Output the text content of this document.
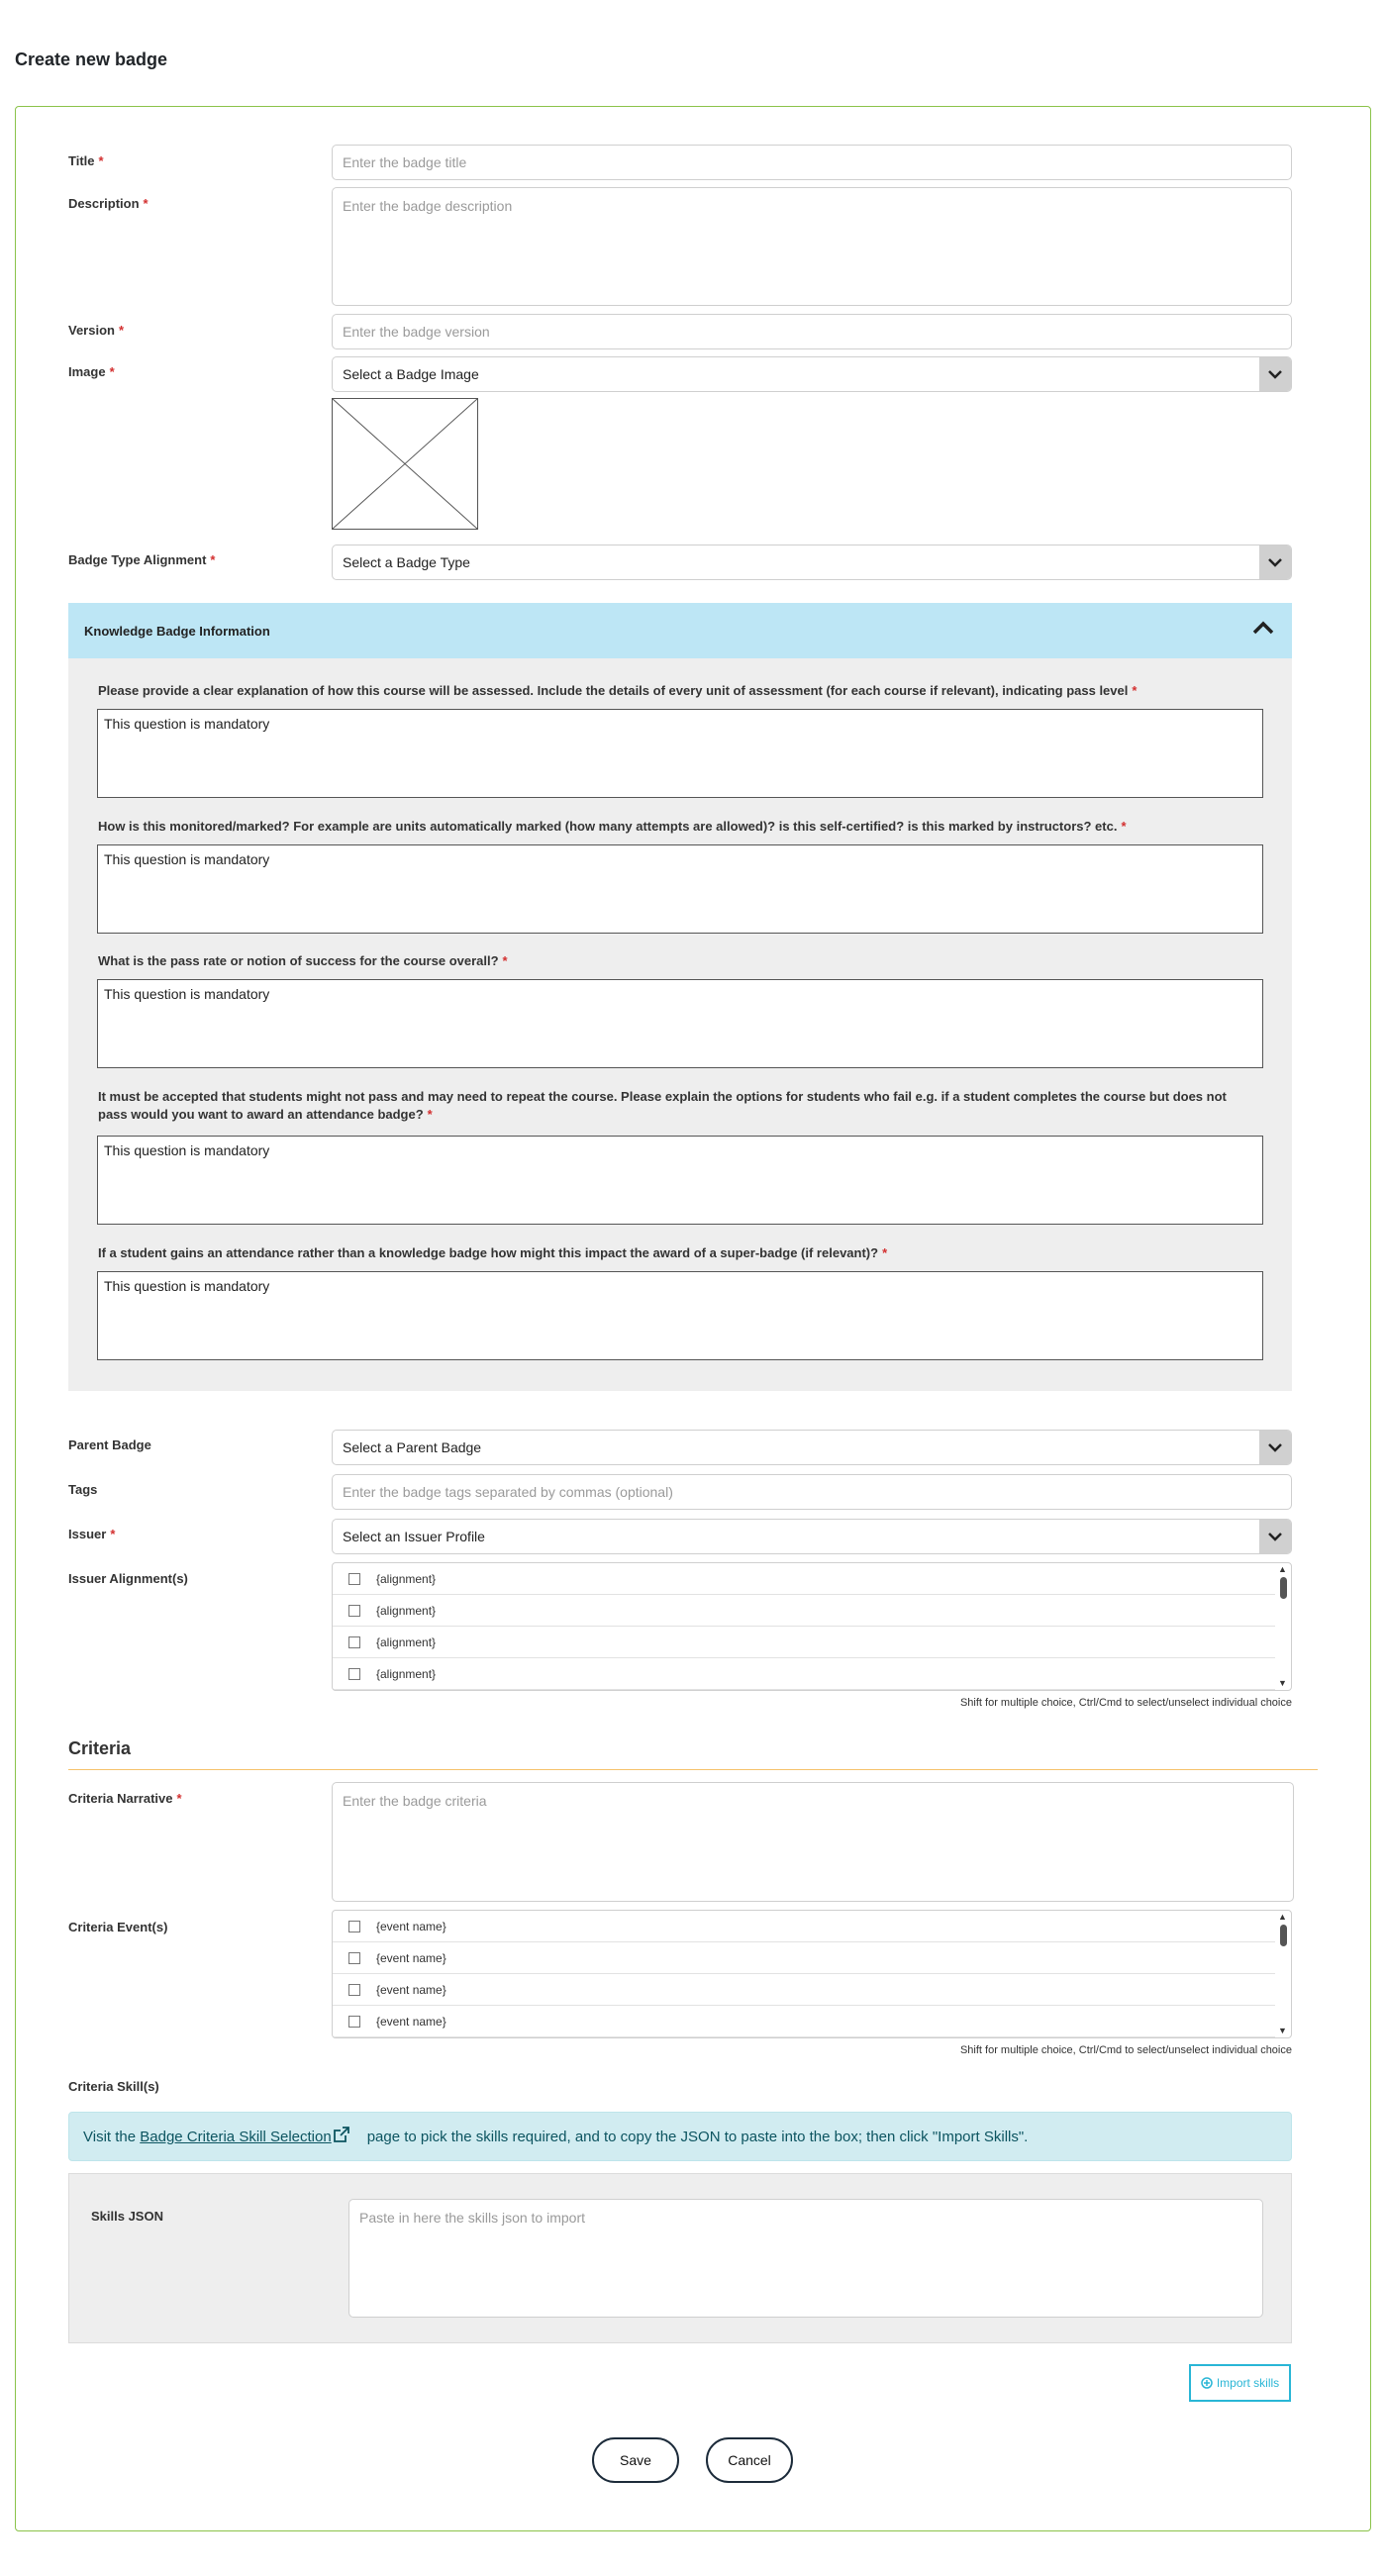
Create new badge
Title *
Enter the badge title
Description *
Enter the badge description
Version *
Enter the badge version
Image *	Select a Badge Image
Badge Type Alignment *	Select a Badge Type
Knowledge Badge Information
Please provide a clear explanation of how this course will be assessed. Include the details of every unit of assessment (for each course if relevant), indicating pass level *
This question is mandatory
How is this monitored/marked? For example are units automatically marked (how many attempts are allowed)? is this self-certified? is this marked by instructors? etc. *
This question is mandatory
What is the pass rate or notion of success for the course overall? *
This question is mandatory
It must be accepted that students might not pass and may need to repeat the course. Please explain the options for students who fail e.g. if a student completes the course but does not pass would you want to award an attendance badge? *
This question is mandatory
If a student gains an attendance rather than a knowledge badge how might this impact the award of a super-badge (if relevant)? *
This question is mandatory
Parent Badge	Select a Parent Badge
Tags
Enter the badge tags separated by commas (optional)
Issuer *	Select an Issuer Profile
Issuer Alignment(s)	{alignment}
{alignment}
{alignment}
{alignment}
▲
▼
Shift for multiple choice, Ctrl/Cmd to select/unselect individual choice
Criteria
Criteria Narrative *
Enter the badge criteria
Criteria Event(s)	{event name}
{event name}
{event name}
{event name}
▲
▼
Shift for multiple choice, Ctrl/Cmd to select/unselect individual choice
Criteria Skill(s)
Visit the
Badge Criteria Skill Selection page to pick the skills required, and to copy the JSON to paste into the box; then click "Import Skills".
Skills JSON
Paste in here the skills json to import
Import skills
Save	Cancel
